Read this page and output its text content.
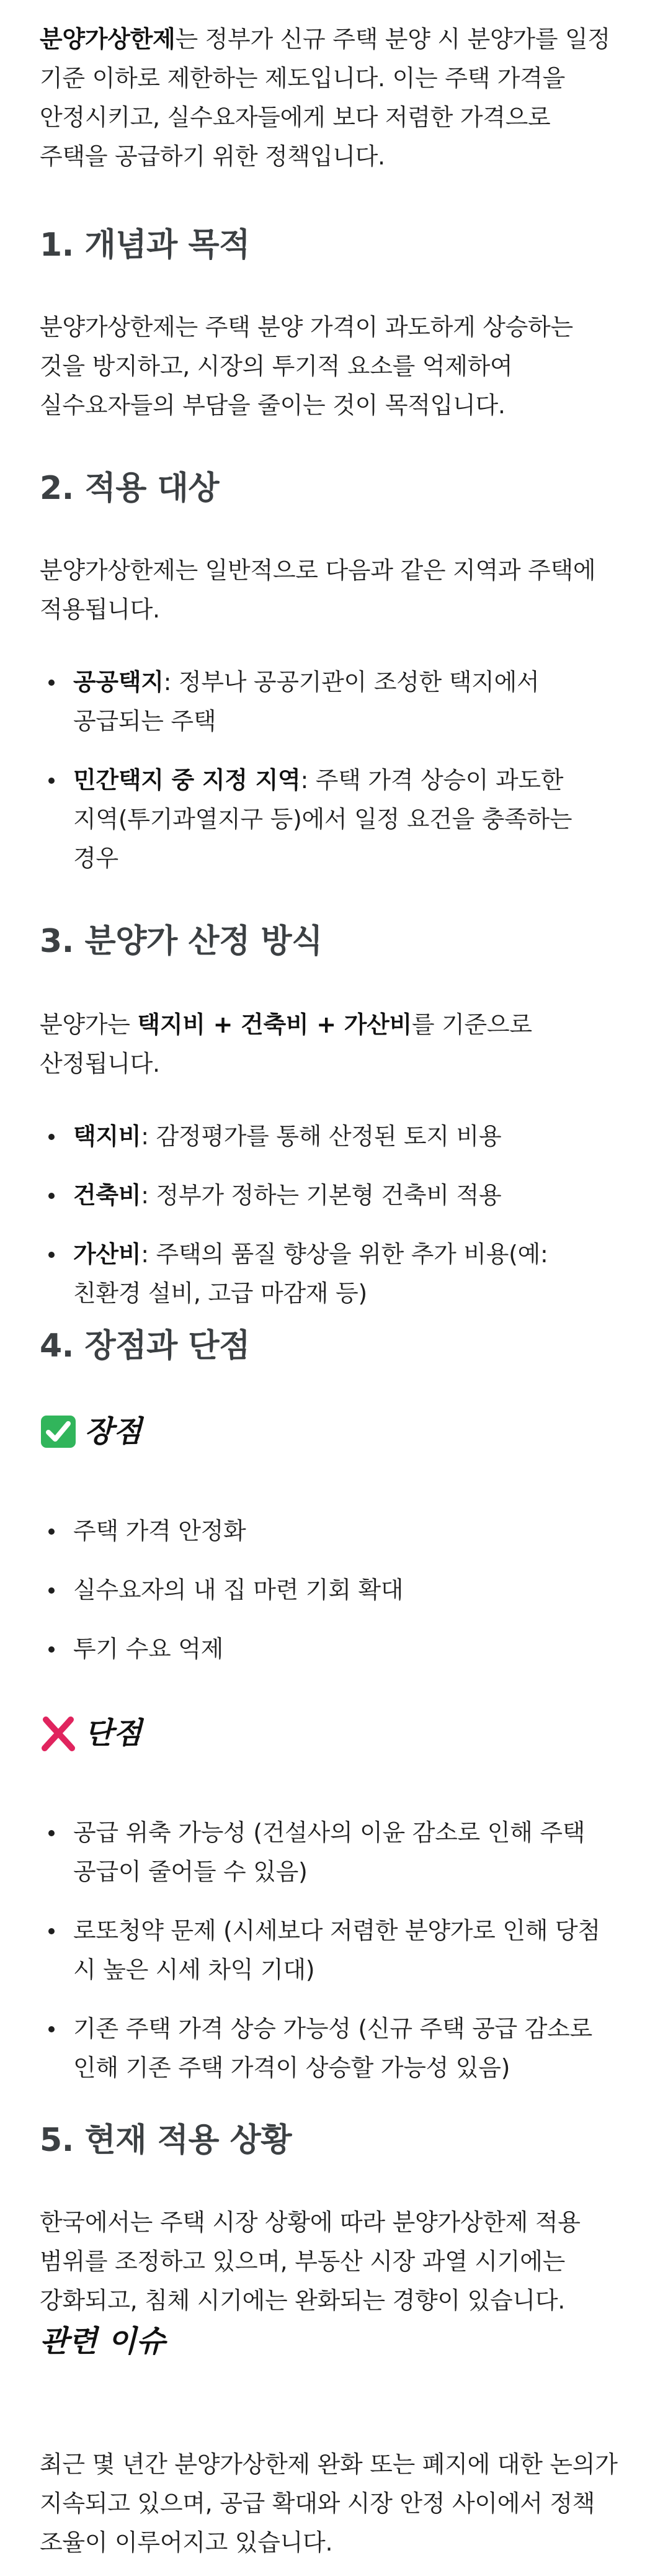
분양가상한제는 정부가 신규 주택 분양 시 분양가를 일정

기준 이하로 제한하는 제도입니다. 이는 주택 가격을

안정시키고, 실수요자들에게 보다 저렴한 가격으로

주택을 공급하기 위한 정책입니다.

1. 개념과 목적

분양가상한제는 주택 분양 가격이 과도하게 상승하는

것을 방지하고, 시장의 투기적 요소를 억제하여

실수요자들의 부담을 줄이는 것이 목적입니다.

2. 적용 대상

분양가상한제는 일반적으로 다음과 같은 지역과 주택에

적용됩니다.

공공택지: 정부나 공공기관이 조성한 택지에서
공급되는 주택
민간택지 중 지정 지역: 주택 가격 상승이 과도한
지역(투기과열지구 등)에서 일정 요건을 충족하는
경우
3. 분양가 산정 방식

분양가는 택지비 + 건축비 + 가산비를 기준으로

산정됩니다.

택지비: 감정평가를 통해 산정된 토지 비용
건축비: 정부가 정하는 기본형 건축비 적용
가산비: 주택의 품질 향상을 위한 추가 비용(예:
친환경 설비, 고급 마감재 등)
4. 장점과 단점
장점
주택 가격 안정화
실수요자의 내 집 마련 기회 확대
투기 수요 억제
단점
공급 위축 가능성 (건설사의 이윤 감소로 인해 주택
공급이 줄어들 수 있음)
로또청약 문제 (시세보다 저렴한 분양가로 인해 당첨
시 높은 시세 차익 기대)
기존 주택 가격 상승 가능성 (신규 주택 공급 감소로
인해 기존 주택 가격이 상승할 가능성 있음)
5. 현재 적용 상황

한국에서는 주택 시장 상황에 따라 분양가상한제 적용

범위를 조정하고 있으며, 부동산 시장 과열 시기에는

강화되고, 침체 시기에는 완화되는 경향이 있습니다.

관련 이슈

최근 몇 년간 분양가상한제 완화 또는 폐지에 대한 논의가

지속되고 있으며, 공급 확대와 시장 안정 사이에서 정책

조율이 이루어지고 있습니다.
